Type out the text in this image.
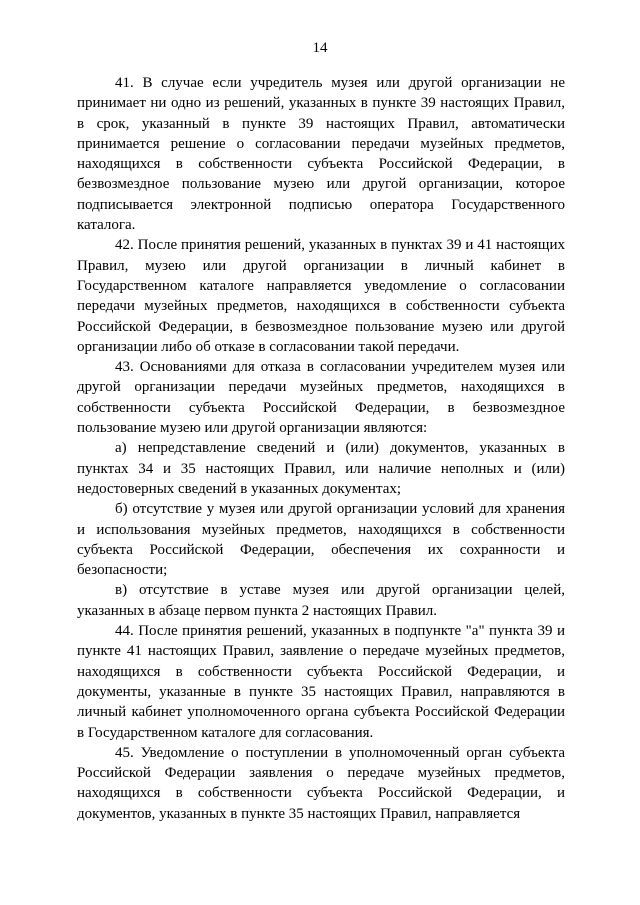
14

41. В случае если учредитель музея или другой организации не принимает ни одно из решений, указанных в пункте 39 настоящих Правил, в срок, указанный в пункте 39 настоящих Правил, автоматически принимается решение о согласовании передачи музейных предметов, находящихся в собственности субъекта Российской Федерации, в безвозмездное пользование музею или другой организации, которое подписывается электронной подписью оператора Государственного каталога.

42. После принятия решений, указанных в пунктах 39 и 41 настоящих Правил, музею или другой организации в личный кабинет в Государственном каталоге направляется уведомление о согласовании передачи музейных предметов, находящихся в собственности субъекта Российской Федерации, в безвозмездное пользование музею или другой организации либо об отказе в согласовании такой передачи.

43. Основаниями для отказа в согласовании учредителем музея или другой организации передачи музейных предметов, находящихся в собственности субъекта Российской Федерации, в безвозмездное пользование музею или другой организации являются:

а) непредставление сведений и (или) документов, указанных в пунктах 34 и 35 настоящих Правил, или наличие неполных и (или) недостоверных сведений в указанных документах;

б) отсутствие у музея или другой организации условий для хранения и использования музейных предметов, находящихся в собственности субъекта Российской Федерации, обеспечения их сохранности и безопасности;

в) отсутствие в уставе музея или другой организации целей, указанных в абзаце первом пункта 2 настоящих Правил.

44. После принятия решений, указанных в подпункте "а" пункта 39 и пункте 41 настоящих Правил, заявление о передаче музейных предметов, находящихся в собственности субъекта Российской Федерации, и документы, указанные в пункте 35 настоящих Правил, направляются в личный кабинет уполномоченного органа субъекта Российской Федерации в Государственном каталоге для согласования.

45. Уведомление о поступлении в уполномоченный орган субъекта Российской Федерации заявления о передаче музейных предметов, находящихся в собственности субъекта Российской Федерации, и документов, указанных в пункте 35 настоящих Правил, направляется
